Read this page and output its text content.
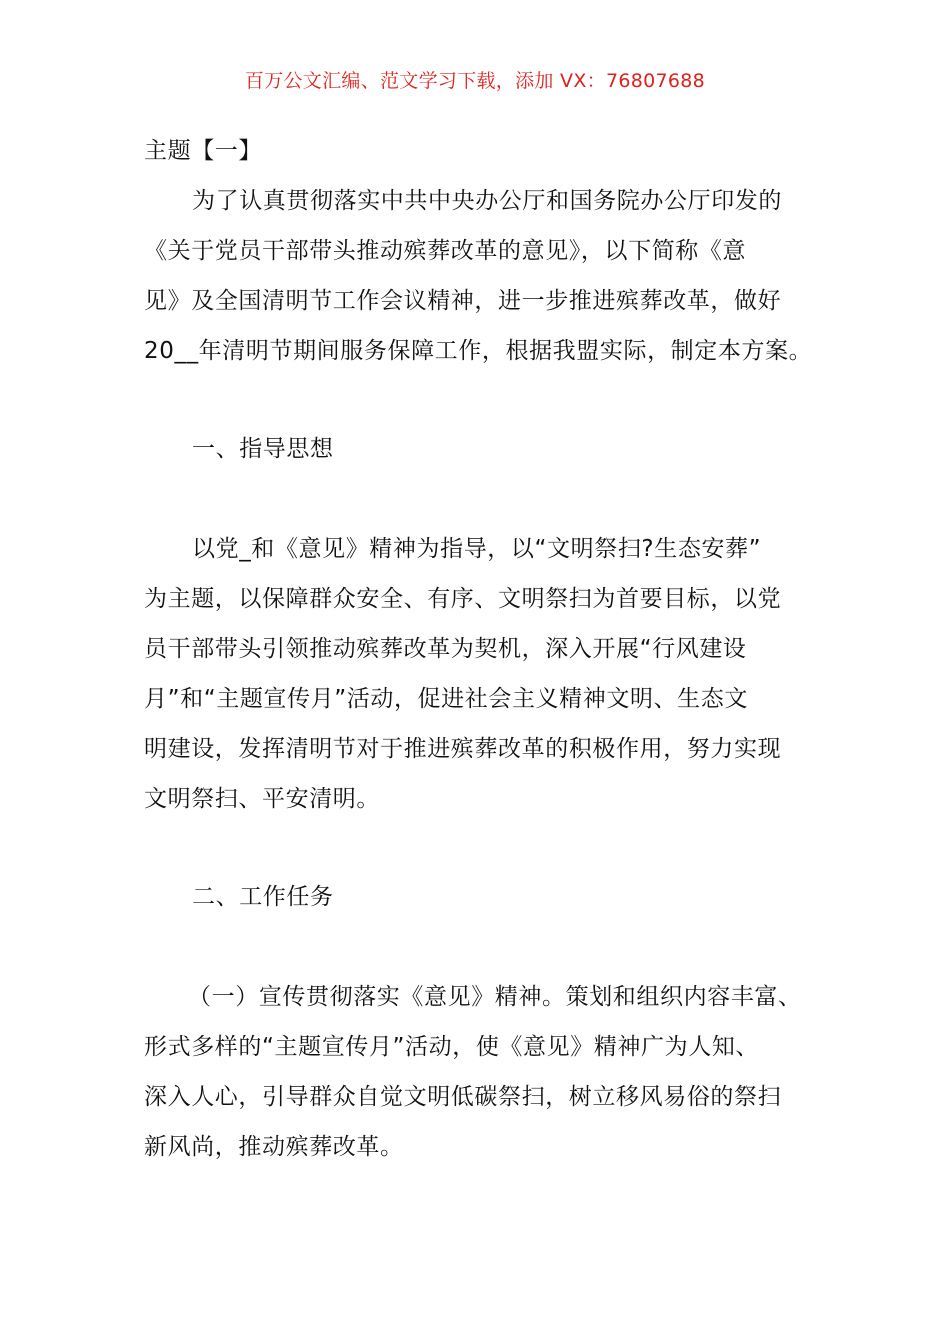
百万公文汇编、范文学习下载，添加 VX：76807688
主题【一】
为了认真贯彻落实中共中央办公厅和国务院办公厅印发的
《关于党员干部带头推动殡葬改革的意见》，以下简称《意
见》及全国清明节工作会议精神，进一步推进殡葬改革，做好
20__年清明节期间服务保障工作，根据我盟实际，制定本方案。
一、指导思想
以党_和《意见》精神为指导，以“文明祭扫?生态安葬”
为主题，以保障群众安全、有序、文明祭扫为首要目标，以党
员干部带头引领推动殡葬改革为契机，深入开展“行风建设
月”和“主题宣传月”活动，促进社会主义精神文明、生态文
明建设，发挥清明节对于推进殡葬改革的积极作用，努力实现
文明祭扫、平安清明。
二、工作任务
（一）宣传贯彻落实《意见》精神。策划和组织内容丰富、
形式多样的“主题宣传月”活动，使《意见》精神广为人知、
深入人心，引导群众自觉文明低碳祭扫，树立移风易俗的祭扫
新风尚，推动殡葬改革。
